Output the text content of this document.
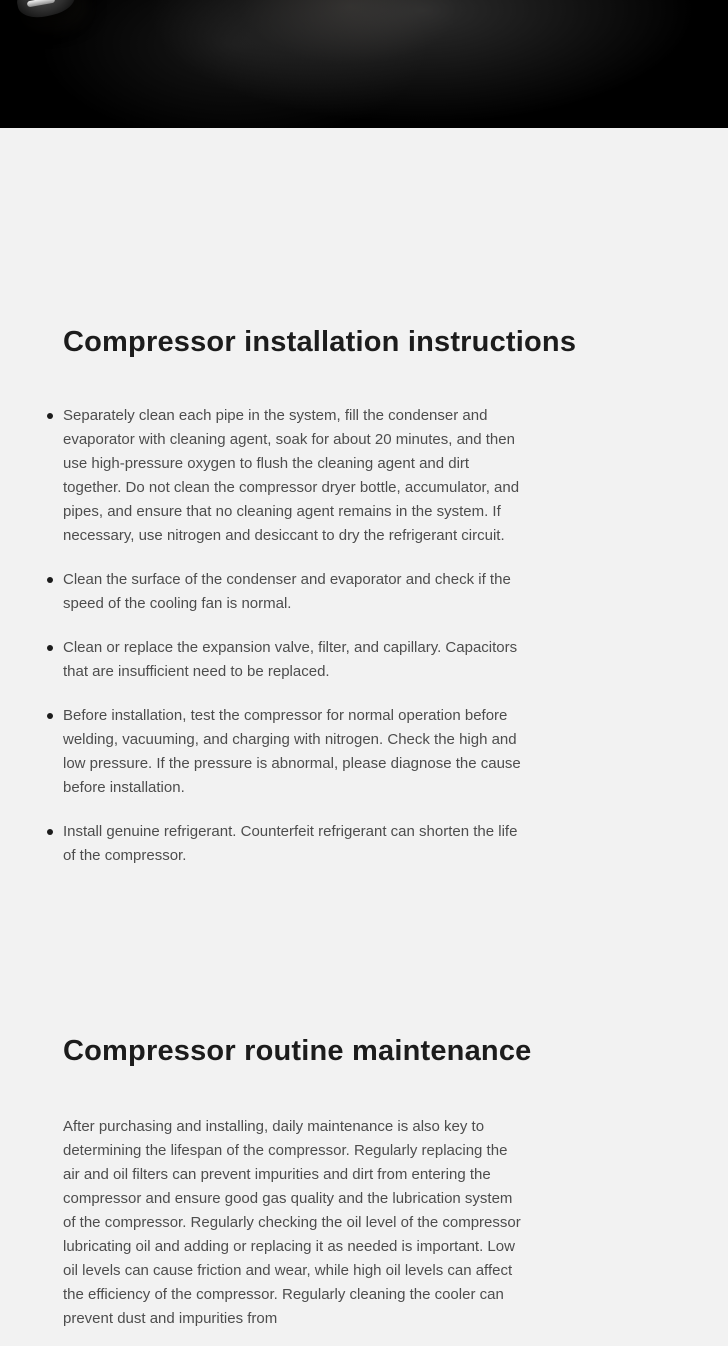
Compressor installation instructions
Separately clean each pipe in the system, fill the condenser and evaporator with cleaning agent, soak for about 20 minutes, and then use high-pressure oxygen to flush the cleaning agent and dirt together. Do not clean the compressor dryer bottle, accumulator, and pipes, and ensure that no cleaning agent remains in the system. If necessary, use nitrogen and desiccant to dry the refrigerant circuit.
Clean the surface of the condenser and evaporator and check if the speed of the cooling fan is normal.
Clean or replace the expansion valve, filter, and capillary. Capacitors that are insufficient need to be replaced.
Before installation, test the compressor for normal operation before welding, vacuuming, and charging with nitrogen. Check the high and low pressure. If the pressure is abnormal, please diagnose the cause before installation.
Install genuine refrigerant. Counterfeit refrigerant can shorten the life of the compressor.
Compressor routine maintenance

After purchasing and installing, daily maintenance is also key to determining the lifespan of the compressor. Regularly replacing the air and oil filters can prevent impurities and dirt from entering the compressor and ensure good gas quality and the lubrication system of the compressor. Regularly checking the oil level of the compressor lubricating oil and adding or replacing it as needed is important. Low oil levels can cause friction and wear, while high oil levels can affect the efficiency of the compressor. Regularly cleaning the cooler can prevent dust and impurities from
